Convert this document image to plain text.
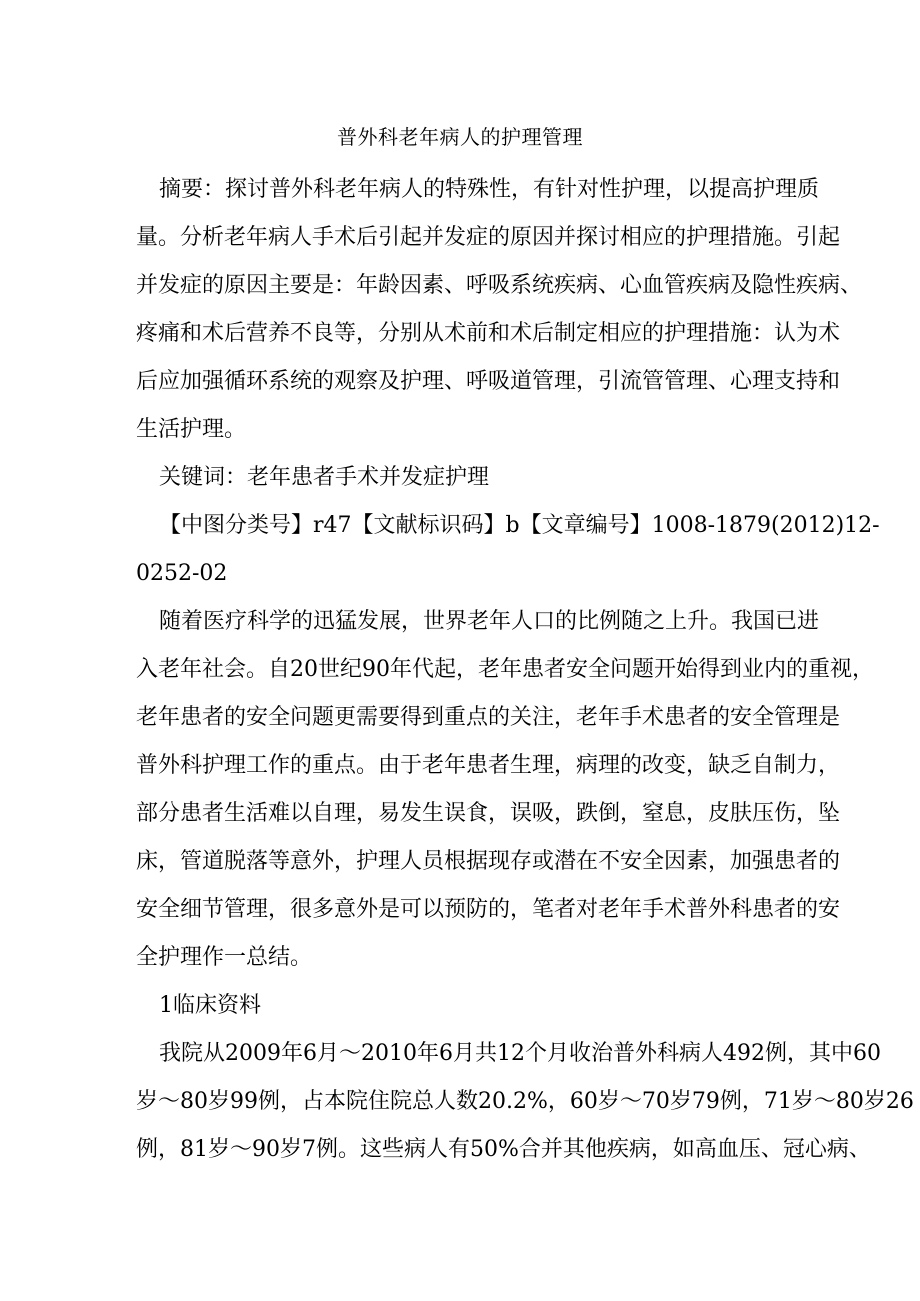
普外科老年病人的护理管理

摘要：探讨普外科老年病人的特殊性，有针对性护理，以提高护理质
量。分析老年病人手术后引起并发症的原因并探讨相应的护理措施。引起
并发症的原因主要是：年龄因素、呼吸系统疾病、心血管疾病及隐性疾病、
疼痛和术后营养不良等，分别从术前和术后制定相应的护理措施：认为术
后应加强循环系统的观察及护理、呼吸道管理，引流管管理、心理支持和
生活护理。

关键词：老年患者手术并发症护理

【中图分类号】r47【文献标识码】b【文章编号】1008-1879(2012)12-
0252-02

随着医疗科学的迅猛发展，世界老年人口的比例随之上升。我国已进
入老年社会。自20世纪90年代起，老年患者安全问题开始得到业内的重视，
老年患者的安全问题更需要得到重点的关注，老年手术患者的安全管理是
普外科护理工作的重点。由于老年患者生理，病理的改变，缺乏自制力，
部分患者生活难以自理，易发生误食，误吸，跌倒，窒息，皮肤压伤，坠
床，管道脱落等意外，护理人员根据现存或潜在不安全因素，加强患者的
安全细节管理，很多意外是可以预防的，笔者对老年手术普外科患者的安
全护理作一总结。

1临床资料

我院从2009年6月～2010年6月共12个月收治普外科病人492例，其中60
岁～80岁99例，占本院住院总人数20.2%，60岁～70岁79例，71岁～80岁26
例，81岁～90岁7例。这些病人有50%合并其他疾病，如高血压、冠心病、
